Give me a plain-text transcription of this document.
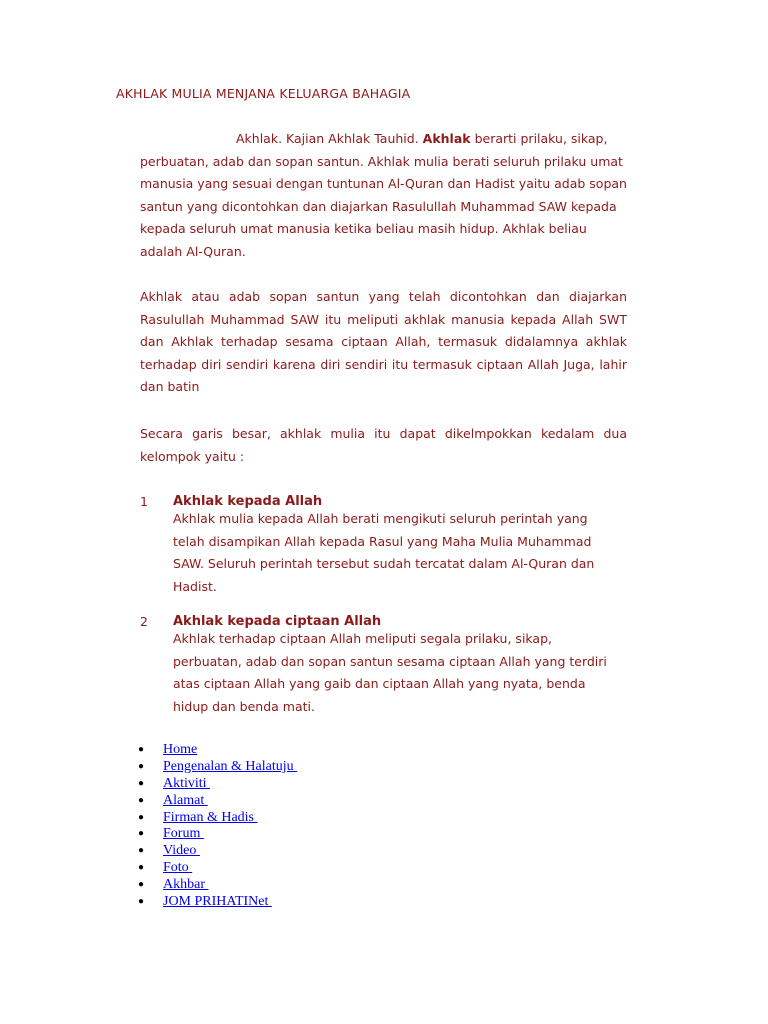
AKHLAK MULIA MENJANA KELUARGA BAHAGIA

Akhlak. Kajian Akhlak Tauhid. Akhlak berarti prilaku, sikap, perbuatan, adab dan sopan santun. Akhlak mulia berati seluruh prilaku umat manusia yang sesuai dengan tuntunan Al-Quran dan Hadist yaitu adab sopan santun yang dicontohkan dan diajarkan Rasulullah Muhammad SAW kepada kepada seluruh umat manusia ketika beliau masih hidup. Akhlak beliau adalah Al-Quran.

Akhlak atau adab sopan santun yang telah dicontohkan dan diajarkan Rasulullah Muhammad SAW itu meliputi akhlak manusia kepada Allah SWT dan Akhlak terhadap sesama ciptaan Allah, termasuk didalamnya akhlak terhadap diri sendiri karena diri sendiri itu termasuk ciptaan Allah Juga, lahir dan batin

Secara garis besar, akhlak mulia itu dapat dikelmpokkan kedalam dua kelompok yaitu :

1 Akhlak kepada Allah

Akhlak mulia kepada Allah berati mengikuti seluruh perintah yang telah disampikan Allah kepada Rasul yang Maha Mulia Muhammad SAW. Seluruh perintah tersebut sudah tercatat dalam Al-Quran dan Hadist.

2 Akhlak kepada ciptaan Allah

Akhlak terhadap ciptaan Allah meliputi segala prilaku, sikap, perbuatan, adab dan sopan santun sesama ciptaan Allah yang terdiri atas ciptaan Allah yang gaib dan ciptaan Allah yang nyata, benda hidup dan benda mati.

● Home
● Pengenalan & Halatuju
● Aktiviti
● Alamat
● Firman & Hadis
● Forum
● Video
● Foto
● Akhbar
● JOM PRIHATINet
